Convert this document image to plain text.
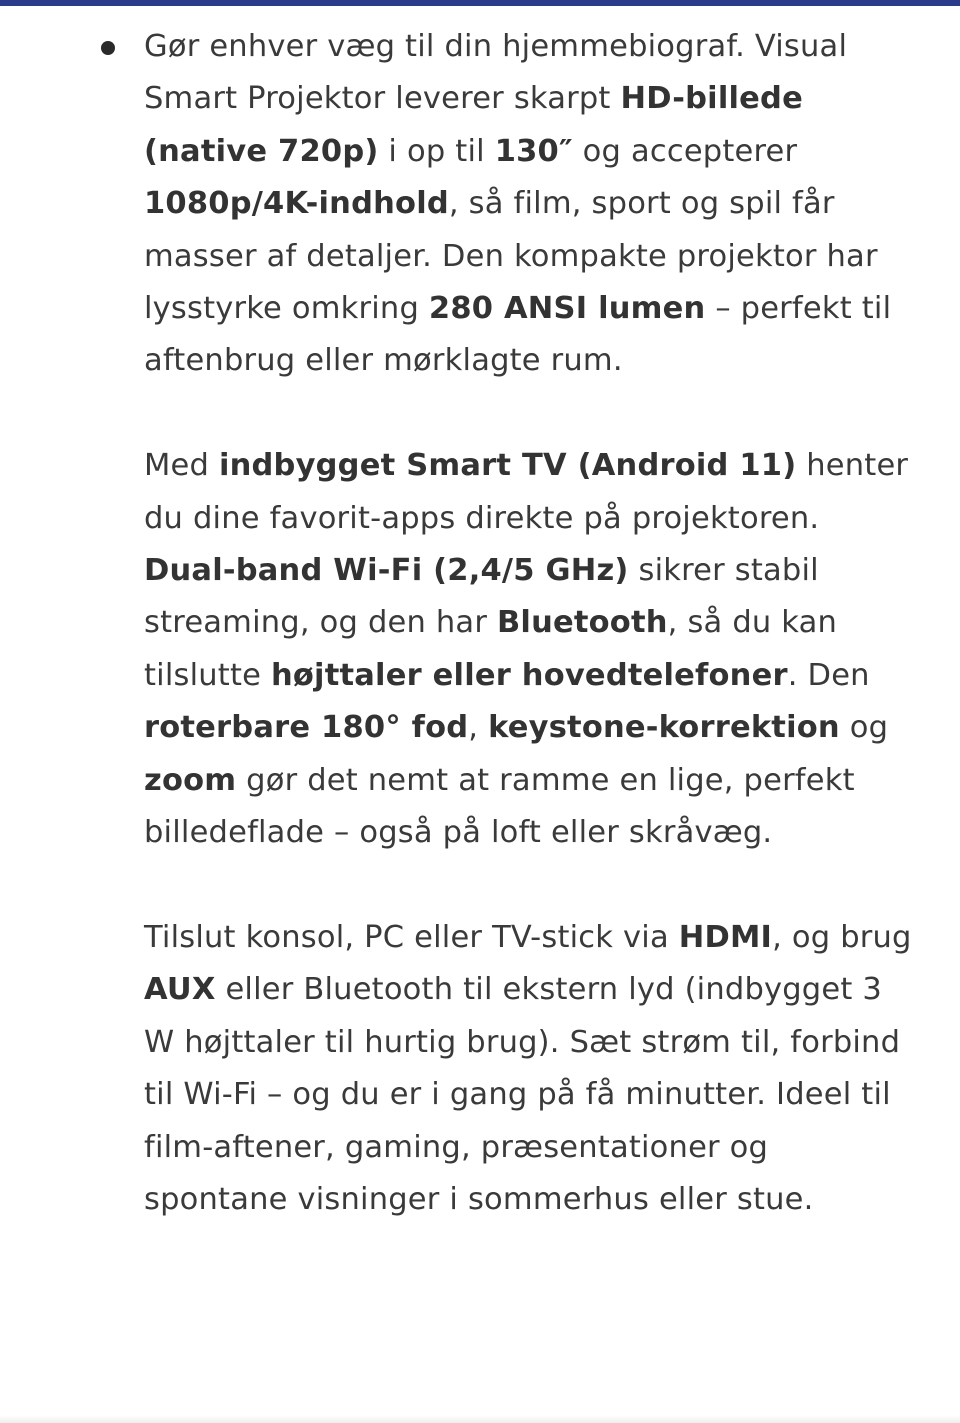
Gør enhver væg til din hjemmebiograf. Visual Smart Projektor leverer skarpt HD-billede (native 720p) i op til 130″ og accepterer 1080p/4K-indhold, så film, sport og spil får masser af detaljer. Den kompakte projektor har lysstyrke omkring 280 ANSI lumen – perfekt til aftenbrug eller mørklagte rum.

Med indbygget Smart TV (Android 11) henter du dine favorit-apps direkte på projektoren. Dual-band Wi-Fi (2,4/5 GHz) sikrer stabil streaming, og den har Bluetooth, så du kan tilslutte højttaler eller hovedtelefoner. Den roterbare 180° fod, keystone-korrektion og zoom gør det nemt at ramme en lige, perfekt billedeflade – også på loft eller skråvæg.

Tilslut konsol, PC eller TV-stick via HDMI, og brug AUX eller Bluetooth til ekstern lyd (indbygget 3 W højttaler til hurtig brug). Sæt strøm til, forbind til Wi-Fi – og du er i gang på få minutter. Ideel til film-aftener, gaming, præsentationer og spontane visninger i sommerhus eller stue.
